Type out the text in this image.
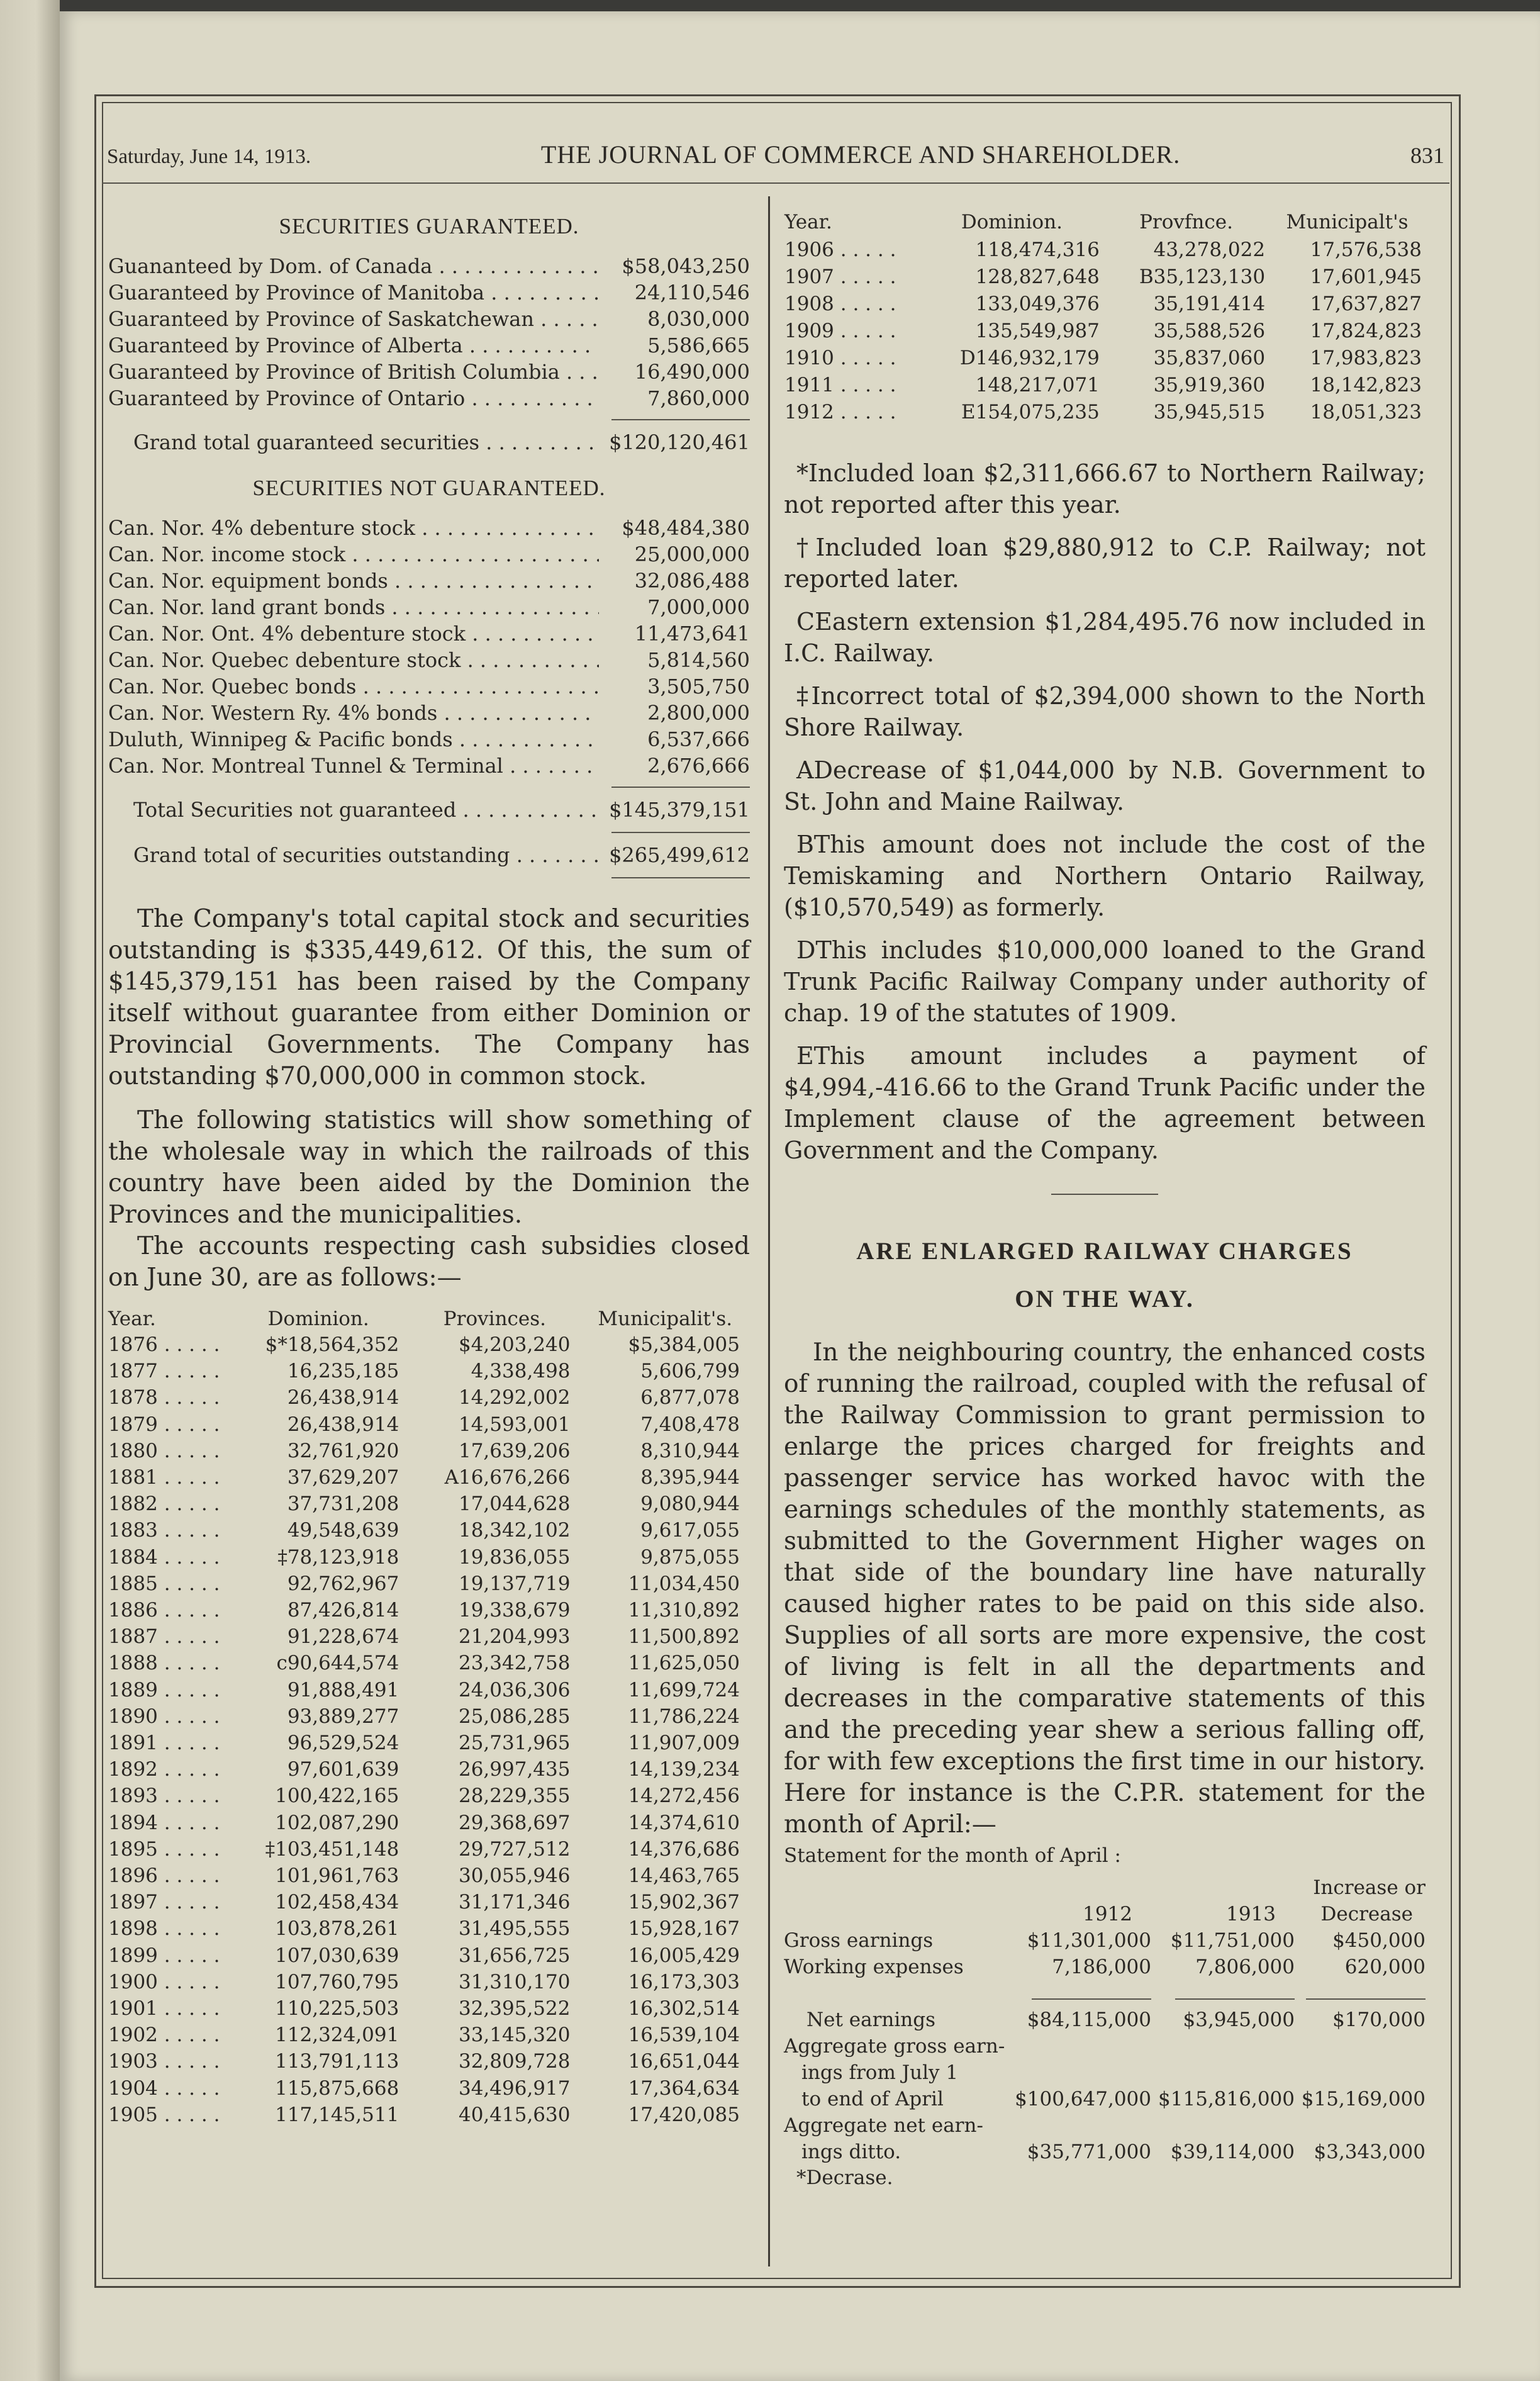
Saturday, June 14, 1913.	THE JOURNAL OF COMMERCE AND SHAREHOLDER.	831
SECURITIES GUARANTEED.
Guananteed by Dom. of Canada . . .	$58,043,250
Guaranteed by Province of Manitoba . . .	24,110,546
Guaranteed by Province of Saskatchewan . . .	8,030,000
Guaranteed by Province of Alberta . . .	5,586,665
Guaranteed by Province of British Columbia . . .	16,490,000
Guaranteed by Province of Ontario . . .	7,860,000
Grand total guaranteed securities . . .	$120,120,461
SECURITIES NOT GUARANTEED.
Can. Nor. 4% debenture stock . . .	$48,484,380
Can. Nor. income stock . . .	25,000,000
Can. Nor. equipment bonds . . .	32,086,488
Can. Nor. land grant bonds . . .	7,000,000
Can. Nor. Ont. 4% debenture stock . . .	11,473,641
Can. Nor. Quebec debenture stock . . .	5,814,560
Can. Nor. Quebec bonds . . .	3,505,750
Can. Nor. Western Ry. 4% bonds . . .	2,800,000
Duluth, Winnipeg & Pacific bonds . . .	6,537,666
Can. Nor. Montreal Tunnel & Terminal . . .	2,676,666
Total Securities not guaranteed . . .	$145,379,151
Grand total of securities outstanding . . .	$265,499,612

The Company's total capital stock and securities outstanding is $335,449,612. Of this, the sum of $145,379,151 has been raised by the Company itself without guarantee from either Dominion or Provincial Governments. The Company has outstanding $70,000,000 in common stock.

The following statistics will show something of the wholesale way in which the railroads of this country have been aided by the Dominion the Provinces and the municipalities.

The accounts respecting cash subsidies closed on June 30, are as follows:—

Year.	Dominion.	Provinces.	Municipalit's.
1876 . . .	$*18,564,352	$4,203,240	$5,384,005
1877 . . .	16,235,185	4,338,498	5,606,799
1878 . . .	26,438,914	14,292,002	6,877,078
1879 . . .	26,438,914	14,593,001	7,408,478
1880 . . .	32,761,920	17,639,206	8,310,944
1881 . . .	37,629,207	A16,676,266	8,395,944
1882 . . .	37,731,208	17,044,628	9,080,944
1883 . . .	49,548,639	18,342,102	9,617,055
1884 . . .	‡78,123,918	19,836,055	9,875,055
1885 . . .	92,762,967	19,137,719	11,034,450
1886 . . .	87,426,814	19,338,679	11,310,892
1887 . . .	91,228,674	21,204,993	11,500,892
1888 . . .	c90,644,574	23,342,758	11,625,050
1889 . . .	91,888,491	24,036,306	11,699,724
1890 . . .	93,889,277	25,086,285	11,786,224
1891 . . .	96,529,524	25,731,965	11,907,009
1892 . . .	97,601,639	26,997,435	14,139,234
1893 . . .	100,422,165	28,229,355	14,272,456
1894 . . .	102,087,290	29,368,697	14,374,610
1895 . . .	‡103,451,148	29,727,512	14,376,686
1896 . . .	101,961,763	30,055,946	14,463,765
1897 . . .	102,458,434	31,171,346	15,902,367
1898 . . .	103,878,261	31,495,555	15,928,167
1899 . . .	107,030,639	31,656,725	16,005,429
1900 . . .	107,760,795	31,310,170	16,173,303
1901 . . .	110,225,503	32,395,522	16,302,514
1902 . . .	112,324,091	33,145,320	16,539,104
1903 . . .	113,791,113	32,809,728	16,651,044
1904 . . .	115,875,668	34,496,917	17,364,634
1905 . . .	117,145,511	40,415,630	17,420,085
Year.	Dominion.	Provfnce.	Municipalt's
1906 . . .	118,474,316	43,278,022	17,576,538
1907 . . .	128,827,648	B35,123,130	17,601,945
1908 . . .	133,049,376	35,191,414	17,637,827
1909 . . .	135,549,987	35,588,526	17,824,823
1910 . . .	D146,932,179	35,837,060	17,983,823
1911 . . .	148,217,071	35,919,360	18,142,823
1912 . . .	E154,075,235	35,945,515	18,051,323

*Included loan $2,311,666.67 to Northern Railway; not reported after this year.

†Included loan $29,880,912 to C.P. Railway; not reported later.

CEastern extension $1,284,495.76 now included in I.C. Railway.

‡Incorrect total of $2,394,000 shown to the North Shore Railway.

ADecrease of $1,044,000 by N.B. Government to St. John and Maine Railway.

BThis amount does not include the cost of the Temiskaming and Northern Ontario Railway, ($10,570,549) as formerly.

DThis includes $10,000,000 loaned to the Grand Trunk Pacific Railway Company under authority of chap. 19 of the statutes of 1909.

EThis amount includes a payment of $4,994,-416.66 to the Grand Trunk Pacific under the Implement clause of the agreement between Government and the Company.

ARE ENLARGED RAILWAY CHARGES
ON THE WAY.

In the neighbouring country, the enhanced costs of running the railroad, coupled with the refusal of the Railway Commission to grant permission to enlarge the prices charged for freights and passenger service has worked havoc with the earnings schedules of the monthly statements, as submitted to the Government Higher wages on that side of the boundary line have naturally caused higher rates to be paid on this side also. Supplies of all sorts are more expensive, the cost of living is felt in all the departments and decreases in the comparative statements of this and the preceding year shew a serious falling off, for with few exceptions the first time in our history. Here for instance is the C.P.R. statement for the month of April:—

Statement for the month of April :
			Increase or
	1912	1913	Decrease
Gross earnings	$11,301,000	$11,751,000	$450,000
Working expenses	7,186,000	7,806,000	620,000

Net earnings	$84,115,000	$3,945,000	$170,000
Aggregate gross earn-			
ings from July 1			
to end of April	$100,647,000	$115,816,000	$15,169,000
Aggregate net earn-			
ings ditto.	$35,771,000	$39,114,000	$3,343,000
*Decrase.
